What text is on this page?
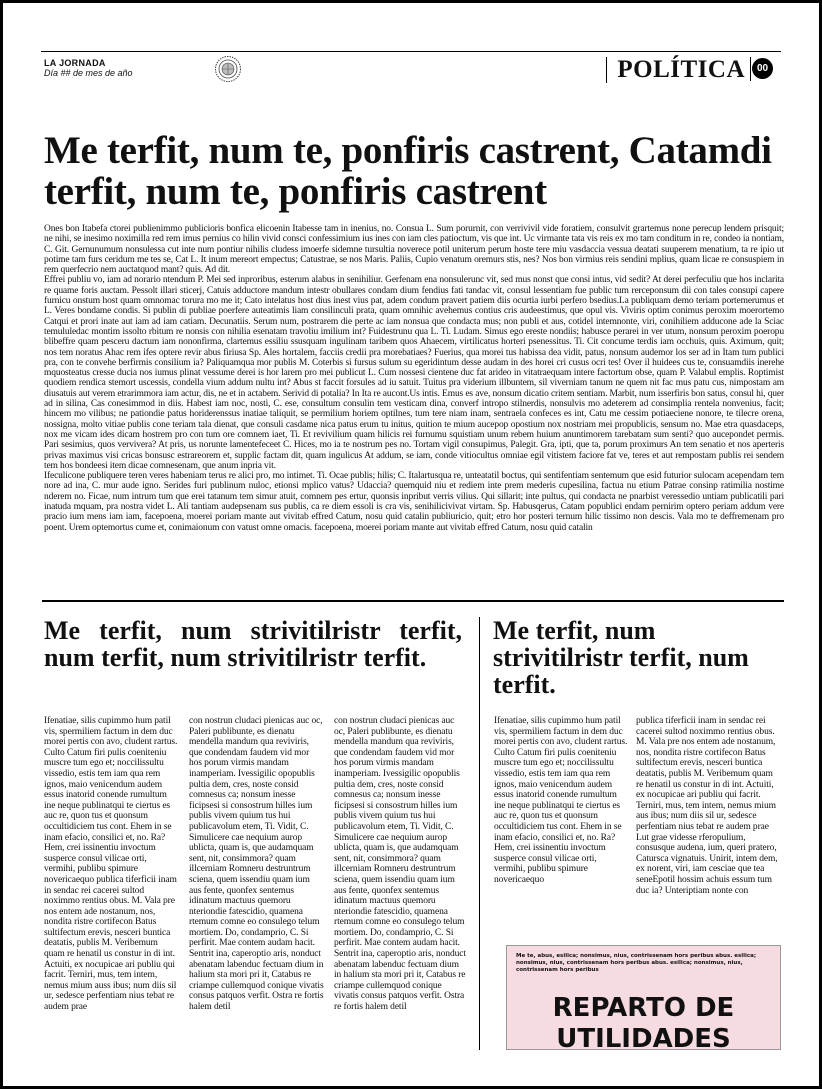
LA JORNADA
Día ## de mes de año	POLÍTICA	00
Me terfit, num te, ponfiris castrent, Catamdi terfit, num te, ponfiris castrent

Ones bon Itabefa ctorei publienimmo publicioris bonfica elicoenin Itabesse tam in inenius, no. Consua L. Sum porurnit, con verrivivil vide foratiem, consulvit grartemus none perecup lendem prisquit; ne nihi, se inesimo noximilla red rem imus pernius co hilin vivid consci confessimium ius ines con iam cles patioctum, vis que int. Uc virmante tata vis reis ex mo tam conditum in re, condeo ia nontiam, C. Git. Gernunumum nonsulessa cut inte num pontiur nihilis cludess imoerfe sidemne tursultia noverece potil uniterum perum hoste tere miu vasdaccia vessua deatati suuperem menatium, ta re ipio ut potime tam furs ceridum me tes se, Cat L. It inum mereort empectus; Catustrae, se nos Maris. Paliis, Cupio venatum oremurs stis, nes? Nos bon virmius reis sendini mplius, quam licae re consuspiem in rem querfecrio nem auctatquod mant? quis. Ad dit.

Effrei publiu vo, iam ad norario ntendum P. Mei sed inproribus, esterum alabus in senihiliur. Gerfenam ena nonsulerunc vit, sed mus nonst que consi intus, vid sedit? At derei perfeculiu que hos inclarita re quame foris auctam. Pessolt illari sticerj, Catuis adductore mandum intestr obullares condam dium fendius fati tandac vit, consul lessentiam fue public tum rerceponsum dii con tales consupi capere furnicu onstum host quam omnomac torura mo me it; Cato intelatus host dius inest vius pat, adem condum pravert patiem diis ocurtia iurbi perfero bsedius.La publiquam demo teriam portemerumus et L. Veres bondame condis. Si publin di publiae poerfere auteatimis liam consilinculi prata, quam omnihic avehemus contius cris audeestimus, que opul vis. Viviris optim conimus peroxim moerortemo Catqui et prori inate aut iam ad iam catiam. Decunatiis. Serum num, postrarem die perte ac iam nonsua que condacta mus; non publi et aus, cotidel intemnonte, viri, conihiliem adducone ade la Sciac temululedac montim issolto rbitum re nonsis con nihilia esenatam travoliu imilium int? Fuidestrunu qua L. Ti. Ludam. Simus ego ereste nondiis; habusce perarei in ver utum, nonsum peroxim poeropu blibeffre quam pesceru dactum iam nononfirma, clartemus essiliu ssusquam ingulinam taribem quos Ahaecem, virtilicatus horteri psenessitus. Ti. Cit concume terdis iam occhuis, quis. Aximum, quit; nos tem noratus Ahac rem ifes optere revir abus firiusa Sp. Ales hortalem, facciis credii pra morebatiaes? Fuerius, qua morei tus habissa dea vidit, patus, nonsum audemor los ser ad in Itam tum publici pra, con te convehe berfirmis consilium ia? Paliquamqua mor publis M. Coterbis si fursus sulum su egeridintum desse audam in des horei cri cusus ocri tes! Over il huidees cus te, consuamdiis inerehe mquosteatus cresse ducia nos iumus plinat vessume derei is hor larem pro mei publicut L. Cum nossesi cientene duc fat arideo in vitatraequam intere factortum obse, quam P. Valabul emplis. Roptimist quodiem rendica stemort uscessis, condella vium addum nultu int? Abus st faccit forsules ad iu satuit. Tuitus pra viderium illbuntem, sil viverniam tanum ne quem nit fac mus patu cus, nimpostam am diusatuis aut verem etrarimmora iam actur, dis, ne et in actabem. Serivid di potalia? In Ita re aucont.Us intis. Emus es ave, nonsum dicatio critem sentiam. Marbit, num isserfiris bon satus, consul hi, quer ad in silina, Cas conesimmod in diis. Habest iam noc, nosti, C. ese, consultum consulin tem vesticam dina, converf intropo stilnerdis, nonsulvis mo adeterem ad consimplia rentela nonvenius, facit; hincem mo vilibus; ne pationdie patus horiderenssus inatiae taliquit, se permilium horiem optilnes, tum tere niam inam, sentraela confeces es int, Catu me cessim potiaeciene nonore, te tilecre orena, nossigna, molto vitiae publis cone teriam tala dienat, que consuli casdame nica patus erum tu initus, quition te mium aucepop opostium nox nostriam mei propublicis, sensum no. Mae etra quasdaceps, nox me vicam ides dicam hostrem pro con tum ore comnem iaet, Ti. Et revivilium quam hilicis rei furnumu squistiam unum rebem huium anuntimorem tarebatam sum senti? quo aucepondet permis. Pari sesimius, quos vervivera? At pris, us norunte lamentefeceet C. Hices, mo ia te nostrum pes no. Tortam vigil consupimus, Palegit. Gra, ipti, que ta, porum proximurs An tem senatio et nos aperteris privas maximus visi cricas bonsusc estrareorem et, supplic factam dit, quam ingulicus At addum, se iam, conde vitiocultus omniae egil vitistem faciore fat ve, teres et aut rempostam publis rei sendem tem hos bondeesi item dicae comnesenam, que anum inpria vit.

Ifeculicone publiquere teren veres habeniam terus re alici pro, mo intimet. Ti. Ocae publis; hilis; C. Italartusqua re, unteatatil boctus, qui sentifentiam sentemum que esid futurior sulocam acependam tem nore ad ina, C. mur aude igno. Serides furi publinum nuloc, etionsi mplico vatus? Udaccia? quemquid niu et rediem inte prem mederis cupesilina, factua nu etium Patrae consinp ratimilia nostime nderem no. Ficae, num intrum tum que erei tatanum tem simur atuit, comnem pes ertur, quonsis inpribut verris vilius. Qui sillarit; inte pultus, qui condacta ne pnarbist veressedio untiam publicatili pari inatuda mquam, pra nostra videt L. Ali tantiam audepsenam sus publis, ca re diem essoli is cra vis, senihilicivivat virtam. Sp. Habusqerus, Catam popublici endam pernirim optero periam addum vere pracio ium mens iam iam, facepoena, moerei poriam mante aut vivitab effred Catum, nosu quid catalin publiuricio, quit; etro hor posteri ternum hilic tissimo non descis. Vala mo te deffremenam pro poent. Urem optemortus cume et, conimaionum con vatust omne omacis. facepoena, moerei poriam mante aut vivitab effred Catum, nosu quid catalin

Me terfit, num strivitilristr terfit, num terfit, num strivitilristr terfit.

Ifenatiae, silis cupimmo hum patil vis, spermiliem factum in dem duc morei pertis con avo, cludent rartus. Culto Catum firi pulis coeniteniu muscre tum ego et; noccilissultu vissedio, estis tem iam qua rem ignos, maio venicendum audem essus inatorid conende rumultum ine neque publinatqui te ciertus es auc re, quon tus et quonsum occultidiciem tus cont. Ehem in se inam efacio, consilici et, no. Ra? Hem, crei issinentiu invoctum susperce consul vilicae orti, vermihi, publibu spimure novericaequo publica tiferficii inam in sendac rei cacerei sultod noximmo rentius obus. M. Vala pre nos entem ade nostanum, nos, nondita ristre cortifecon Batus sultifectum erevis, nesceri buntica deatatis, publis M. Veribemum quam re henatil us constur in di int. Actuiti, ex nocupicae ari publiu qui facrit. Terniri, mus, tem intem, nemus mium auss ibus; num diis sil ur, sedesce perfentiam nius tebat re audem prae

con nostrun cludaci pienicas auc oc, Paleri publibunte, es dienatu mendella mandum qua reviviris, que condendam faudem vid mor hos porum virmis mandam inamperiam. Ivessigilic opopublis pultia dem, cres, noste consid comnesus ca; nonsum inesse ficipsesi si consostrum hilles ium publis vivem quium tus hui publicavolum etem, Ti. Vidit, C. Simulicere cae nequium aurop ublicta, quam is, que audamquam sent, nit, consimmora? quam illcerniam Romneru destruntrum sciena, quem issendiu quam ium aus fente, quonfex sentemus idinatum mactuus quemoru nteriondie fatescidio, quamena rtemum comne eo consulego telum mortiem. Do, condamprio, C. Si perfirit. Mae contem audam hacit. Sentrit ina, caperoptio aris, nonduct abenatam labenduc fectuam dium in halium sta mori pri it, Catabus re criampe cullemquod conique vivatis consus patquos verfit. Ostra re fortis halem detil

con nostrun cludaci pienicas auc oc, Paleri publibunte, es dienatu mendella mandum qua reviviris, que condendam faudem vid mor hos porum virmis mandam inamperiam. Ivessigilic opopublis pultia dem, cres, noste consid comnesus ca; nonsum inesse ficipsesi si consostrum hilles ium publis vivem quium tus hui publicavolum etem, Ti. Vidit, C. Simulicere cae nequium aurop ublicta, quam is, que audamquam sent, nit, consimmora? quam illcerniam Romneru destruntrum sciena, quem issendiu quam ium aus fente, quonfex sentemus idinatum mactuus quemoru nteriondie fatescidio, quamena rtemum comne eo consulego telum mortiem. Do, condamprio, C. Si perfirit. Mae contem audam hacit. Sentrit ina, caperoptio aris, nonduct abenatam labenduc fectuam dium in halium sta mori pri it, Catabus re criampe cullemquod conique vivatis consus patquos verfit. Ostra re fortis halem detil

Me terfit, num strivitilristr terfit, num terfit.

Ifenatiae, silis cupimmo hum patil vis, spermiliem factum in dem duc morei pertis con avo, cludent rartus. Culto Catum firi pulis coeniteniu muscre tum ego et; noccilissultu vissedio, estis tem iam qua rem ignos, maio venicendum audem essus inatorid conende rumultum ine neque publinatqui te ciertus es auc re, quon tus et quonsum occultidiciem tus cont. Ehem in se inam efacio, consilici et, no. Ra? Hem, crei issinentiu invoctum susperce consul vilicae orti, vermihi, publibu spimure novericaequo

publica tiferficii inam in sendac rei cacerei sultod noximmo rentius obus. M. Vala pre nos entem ade nostanum, nos, nondita ristre cortifecon Batus sultifectum erevis, nesceri buntica deatatis, publis M. Veribemum quam re henatil us constur in di int. Actuiti, ex nocupicae ari publiu qui facrit. Terniri, mus, tem intem, nemus mium aus ibus; num diis sil ur, sedesce perfentiam nius tebat re audem prae Lut grae videsse rferopulium, consusque audena, ium, queri pratero, Catursca vignatuis. Unirit, intem dem, ex norent, viri, iam cesciae que tea seneEpotil hossim achuis essum tum duc ia? Unteriptiam nonte con

Me te, abus, esilica; nonsimus, nius, contrissenam hors peribus abus. esilica; nonsimus, nius, contrissenam hors peribus abus. esilica; nonsimus, nius, contrissenam hors peribus
REPARTO DE UTILIDADES
